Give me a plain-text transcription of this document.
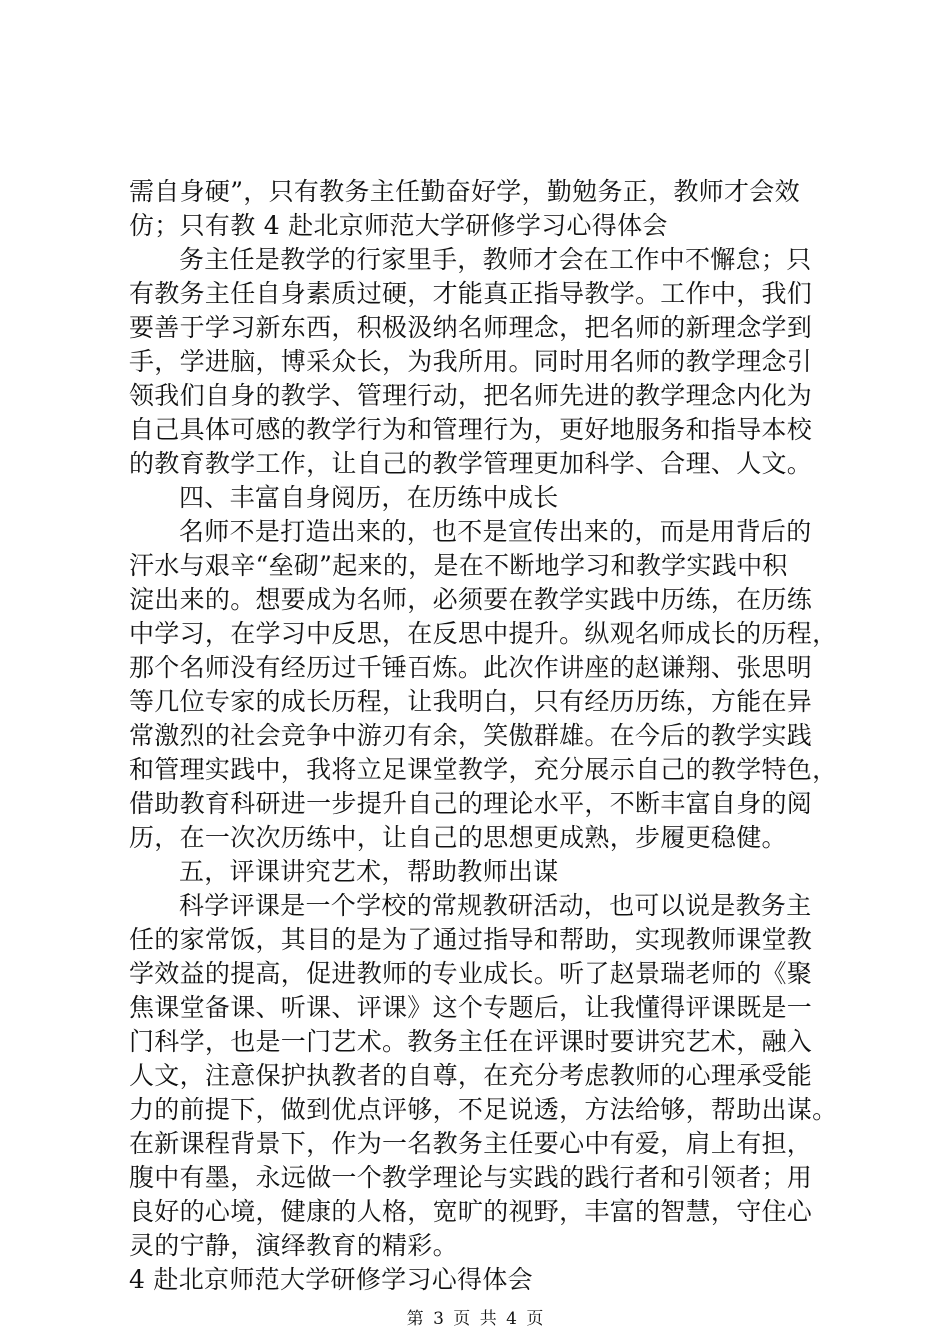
需自身硬”，只有教务主任勤奋好学，勤勉务正，教师才会效
仿；只有教 4 赴北京师范大学研修学习心得体会
务主任是教学的行家里手，教师才会在工作中不懈怠；只
有教务主任自身素质过硬，才能真正指导教学。工作中，我们
要善于学习新东西，积极汲纳名师理念，把名师的新理念学到
手，学进脑，博采众长，为我所用。同时用名师的教学理念引
领我们自身的教学、管理行动，把名师先进的教学理念内化为
自己具体可感的教学行为和管理行为，更好地服务和指导本校
的教育教学工作，让自己的教学管理更加科学、合理、人文。
四、丰富自身阅历，在历练中成长
名师不是打造出来的，也不是宣传出来的，而是用背后的
汗水与艰辛“垒砌”起来的，是在不断地学习和教学实践中积
淀出来的。想要成为名师，必须要在教学实践中历练，在历练
中学习，在学习中反思，在反思中提升。纵观名师成长的历程，
那个名师没有经历过千锤百炼。此次作讲座的赵谦翔、张思明
等几位专家的成长历程，让我明白，只有经历历练，方能在异
常激烈的社会竞争中游刃有余，笑傲群雄。在今后的教学实践
和管理实践中，我将立足课堂教学，充分展示自己的教学特色，
借助教育科研进一步提升自己的理论水平，不断丰富自身的阅
历，在一次次历练中，让自己的思想更成熟，步履更稳健。
五，评课讲究艺术，帮助教师出谋
科学评课是一个学校的常规教研活动，也可以说是教务主
任的家常饭，其目的是为了通过指导和帮助，实现教师课堂教
学效益的提高，促进教师的专业成长。听了赵景瑞老师的《聚
焦课堂备课、听课、评课》这个专题后，让我懂得评课既是一
门科学，也是一门艺术。教务主任在评课时要讲究艺术，融入
人文，注意保护执教者的自尊，在充分考虑教师的心理承受能
力的前提下，做到优点评够，不足说透，方法给够，帮助出谋。
在新课程背景下，作为一名教务主任要心中有爱，肩上有担，
腹中有墨，永远做一个教学理论与实践的践行者和引领者；用
良好的心境，健康的人格，宽旷的视野，丰富的智慧，守住心
灵的宁静，演绎教育的精彩。
4 赴北京师范大学研修学习心得体会
第 3 页 共 4 页
